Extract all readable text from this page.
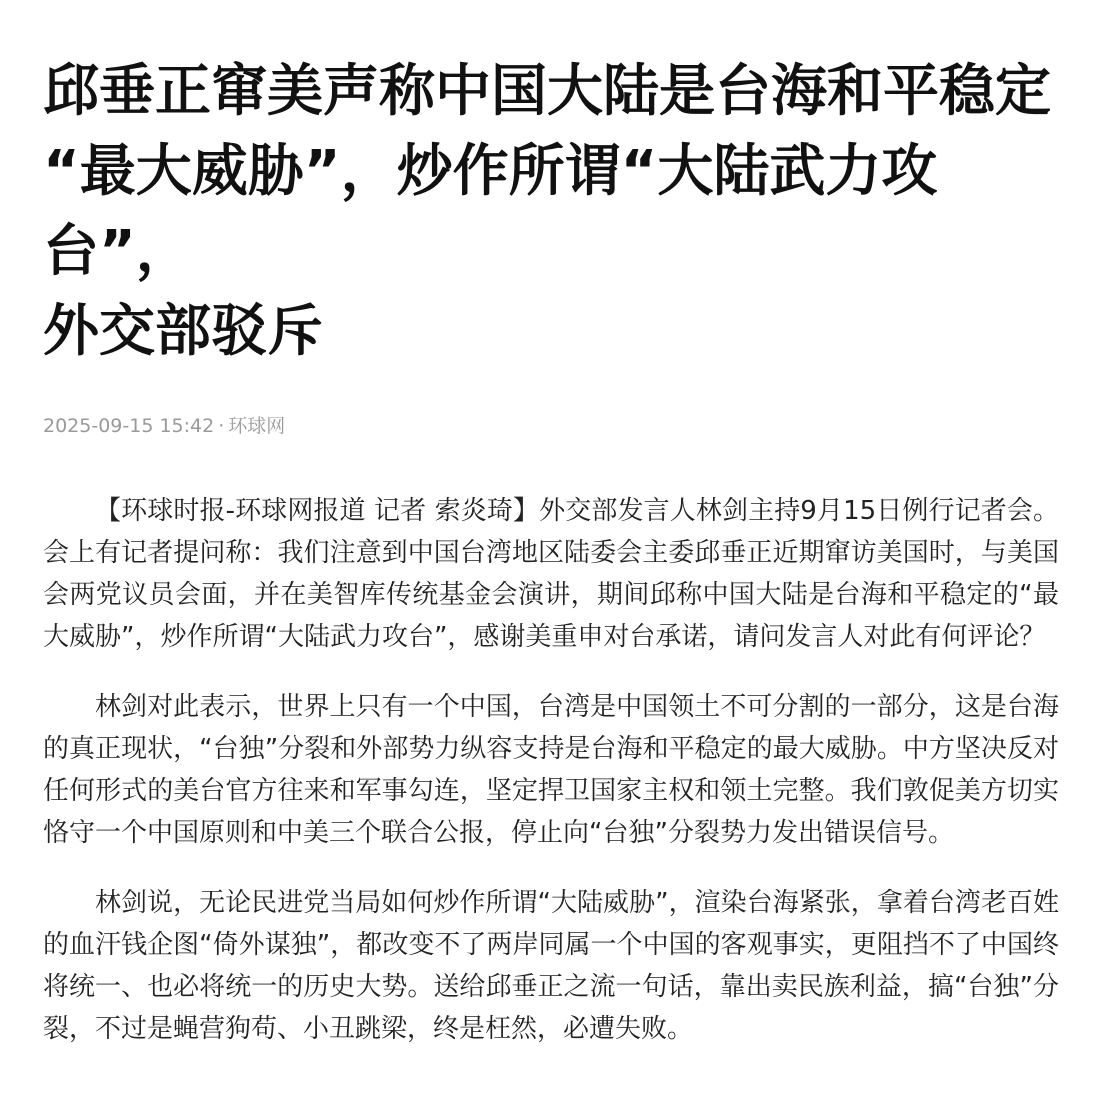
邱垂正窜美声称中国大陆是台海和平稳定
“最大威胁”，炒作所谓“大陆武力攻台”，
外交部驳斥
2025-09-15 15:42 · 环球网

【环球时报-环球网报道 记者 索炎琦】外交部发言人林剑主持9月15日例行记者会。会上有记者提问称：我们注意到中国台湾地区陆委会主委邱垂正近期窜访美国时，与美国会两党议员会面，并在美智库传统基金会演讲，期间邱称中国大陆是台海和平稳定的“最大威胁”，炒作所谓“大陆武力攻台”，感谢美重申对台承诺，请问发言人对此有何评论？

林剑对此表示，世界上只有一个中国，台湾是中国领土不可分割的一部分，这是台海的真正现状，“台独”分裂和外部势力纵容支持是台海和平稳定的最大威胁。中方坚决反对任何形式的美台官方往来和军事勾连，坚定捍卫国家主权和领土完整。我们敦促美方切实恪守一个中国原则和中美三个联合公报，停止向“台独”分裂势力发出错误信号。

林剑说，无论民进党当局如何炒作所谓“大陆威胁”，渲染台海紧张，拿着台湾老百姓的血汗钱企图“倚外谋独”，都改变不了两岸同属一个中国的客观事实，更阻挡不了中国终将统一、也必将统一的历史大势。送给邱垂正之流一句话，靠出卖民族利益，搞“台独”分裂，不过是蝇营狗苟、小丑跳梁，终是枉然，必遭失败。
